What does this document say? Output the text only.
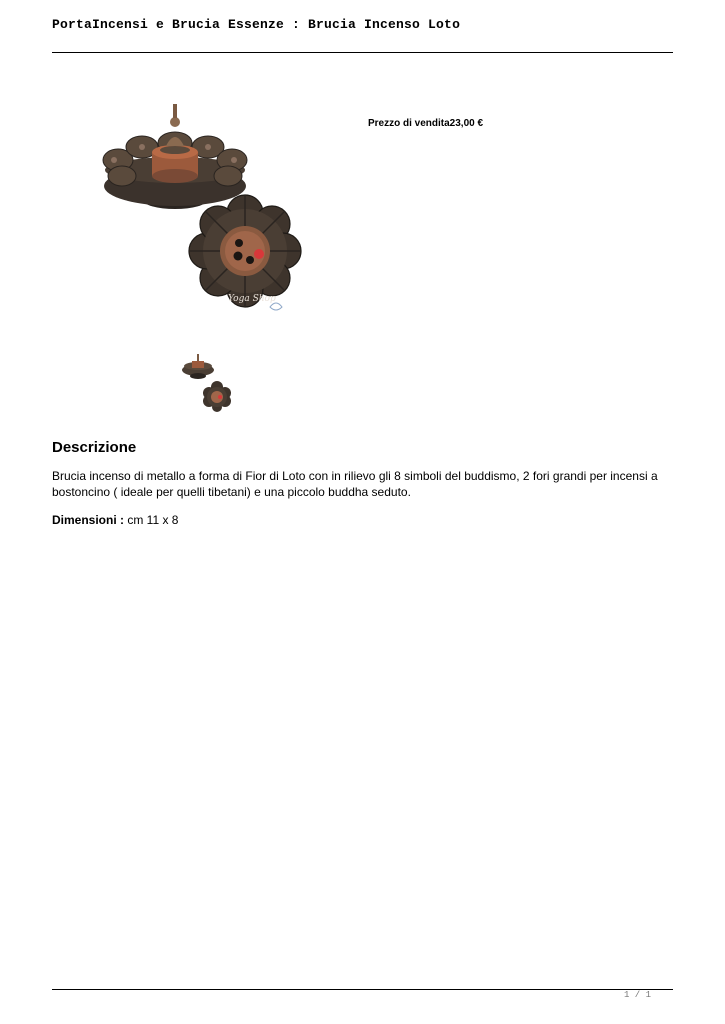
PortaIncensi e Brucia Essenze : Brucia Incenso Loto
Yoga Shop
Prezzo di vendita23,00 €
Descrizione

Brucia incenso di metallo a forma di Fior di Loto con in rilievo gli 8 simboli del buddismo, 2 fori grandi per incensi a bostoncino ( ideale per quelli tibetani) e una piccolo buddha seduto.

Dimensioni : cm 11 x 8

1 / 1
